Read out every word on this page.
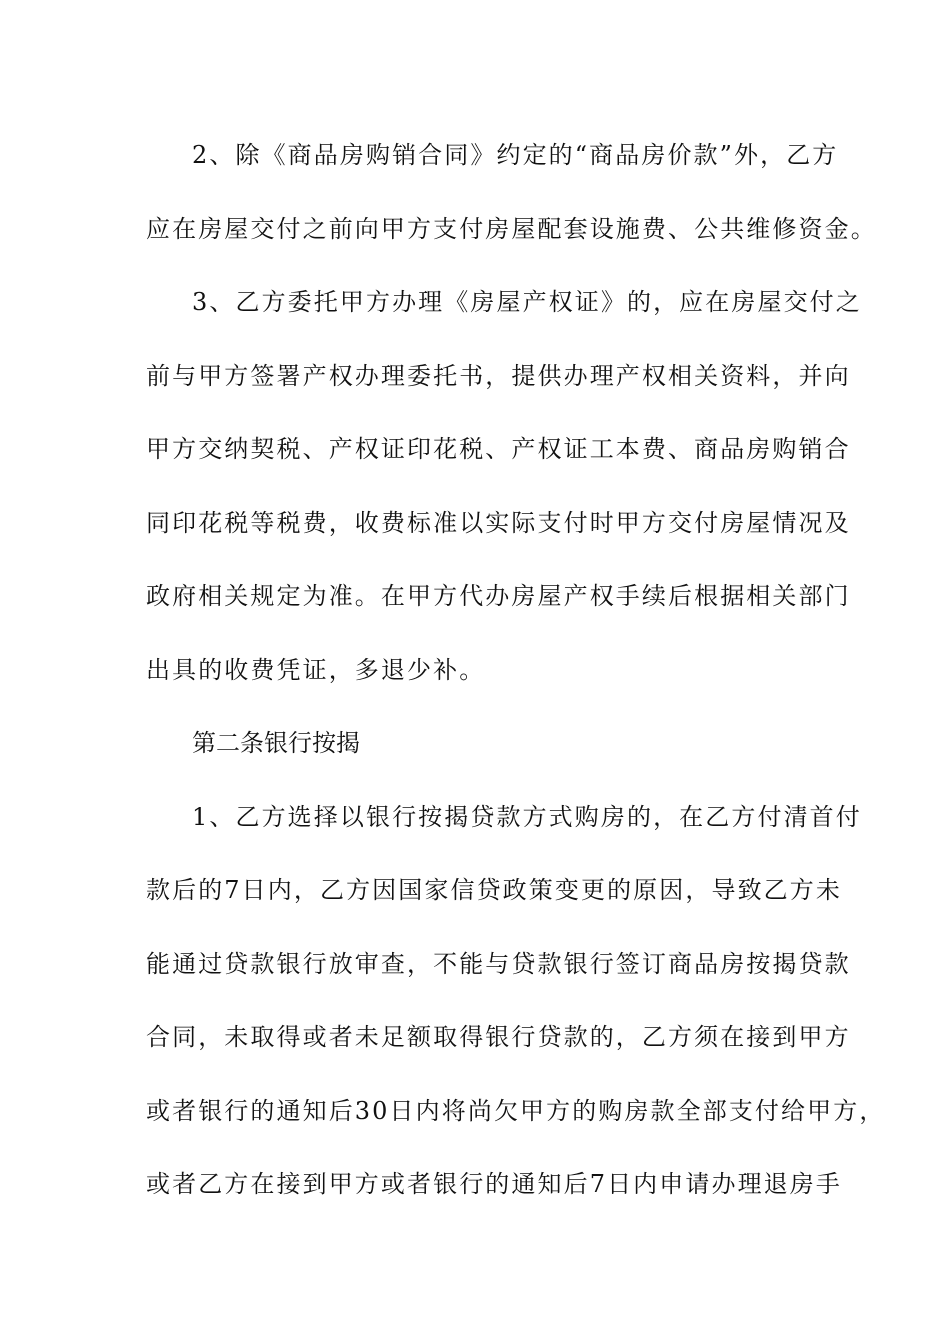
2、除《商品房购销合同》约定的“商品房价款”外，乙方
应在房屋交付之前向甲方支付房屋配套设施费、公共维修资金。
3、乙方委托甲方办理《房屋产权证》的，应在房屋交付之
前与甲方签署产权办理委托书，提供办理产权相关资料，并向
甲方交纳契税、产权证印花税、产权证工本费、商品房购销合
同印花税等税费，收费标准以实际支付时甲方交付房屋情况及
政府相关规定为准。在甲方代办房屋产权手续后根据相关部门
出具的收费凭证，多退少补。
第二条银行按揭
1、乙方选择以银行按揭贷款方式购房的，在乙方付清首付
款后的7日内，乙方因国家信贷政策变更的原因，导致乙方未
能通过贷款银行放审查，不能与贷款银行签订商品房按揭贷款
合同，未取得或者未足额取得银行贷款的，乙方须在接到甲方
或者银行的通知后30日内将尚欠甲方的购房款全部支付给甲方，
或者乙方在接到甲方或者银行的通知后7日内申请办理退房手
